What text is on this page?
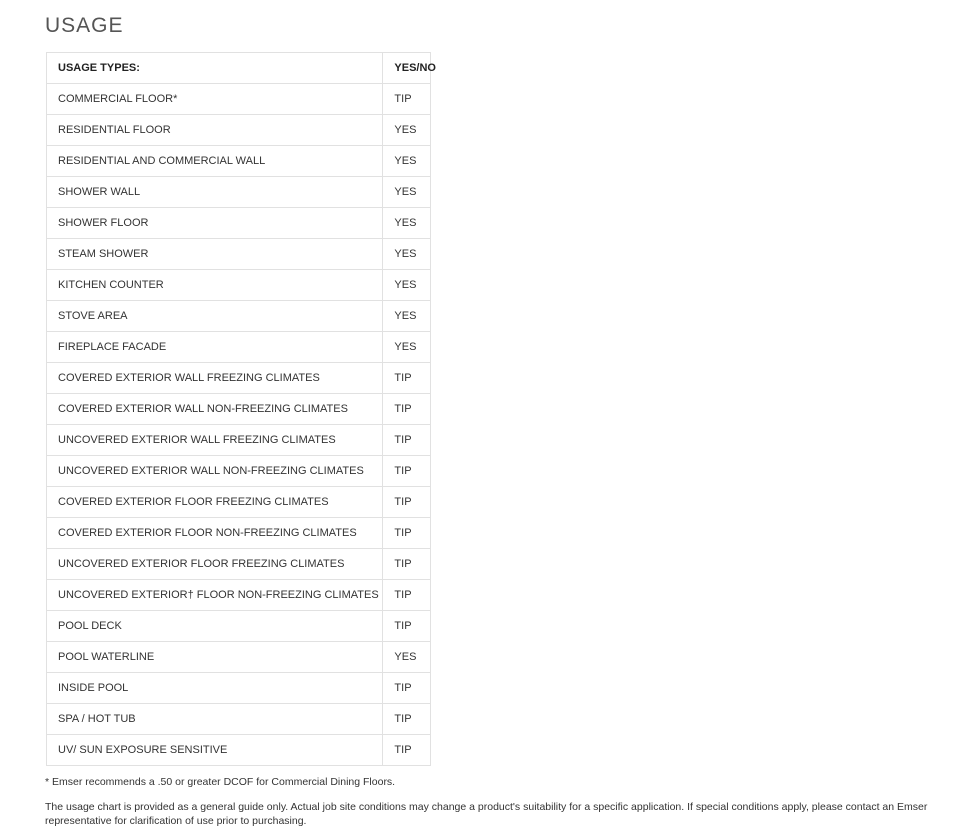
USAGE
USAGE TYPES:	YES/NO
COMMERCIAL FLOOR*	TIP
RESIDENTIAL FLOOR	YES
RESIDENTIAL AND COMMERCIAL WALL	YES
SHOWER WALL	YES
SHOWER FLOOR	YES
STEAM SHOWER	YES
KITCHEN COUNTER	YES
STOVE AREA	YES
FIREPLACE FACADE	YES
COVERED EXTERIOR WALL FREEZING CLIMATES	TIP
COVERED EXTERIOR WALL NON-FREEZING CLIMATES	TIP
UNCOVERED EXTERIOR WALL FREEZING CLIMATES	TIP
UNCOVERED EXTERIOR WALL NON-FREEZING CLIMATES	TIP
COVERED EXTERIOR FLOOR FREEZING CLIMATES	TIP
COVERED EXTERIOR FLOOR NON-FREEZING CLIMATES	TIP
UNCOVERED EXTERIOR FLOOR FREEZING CLIMATES	TIP
UNCOVERED EXTERIOR† FLOOR NON-FREEZING CLIMATES	TIP
POOL DECK	TIP
POOL WATERLINE	YES
INSIDE POOL	TIP
SPA / HOT TUB	TIP
UV/ SUN EXPOSURE SENSITIVE	TIP

* Emser recommends a .50 or greater DCOF for Commercial Dining Floors.

The usage chart is provided as a general guide only. Actual job site conditions may change a product's suitability for a specific application. If special conditions apply, please contact an Emser representative for clarification of use prior to purchasing.
